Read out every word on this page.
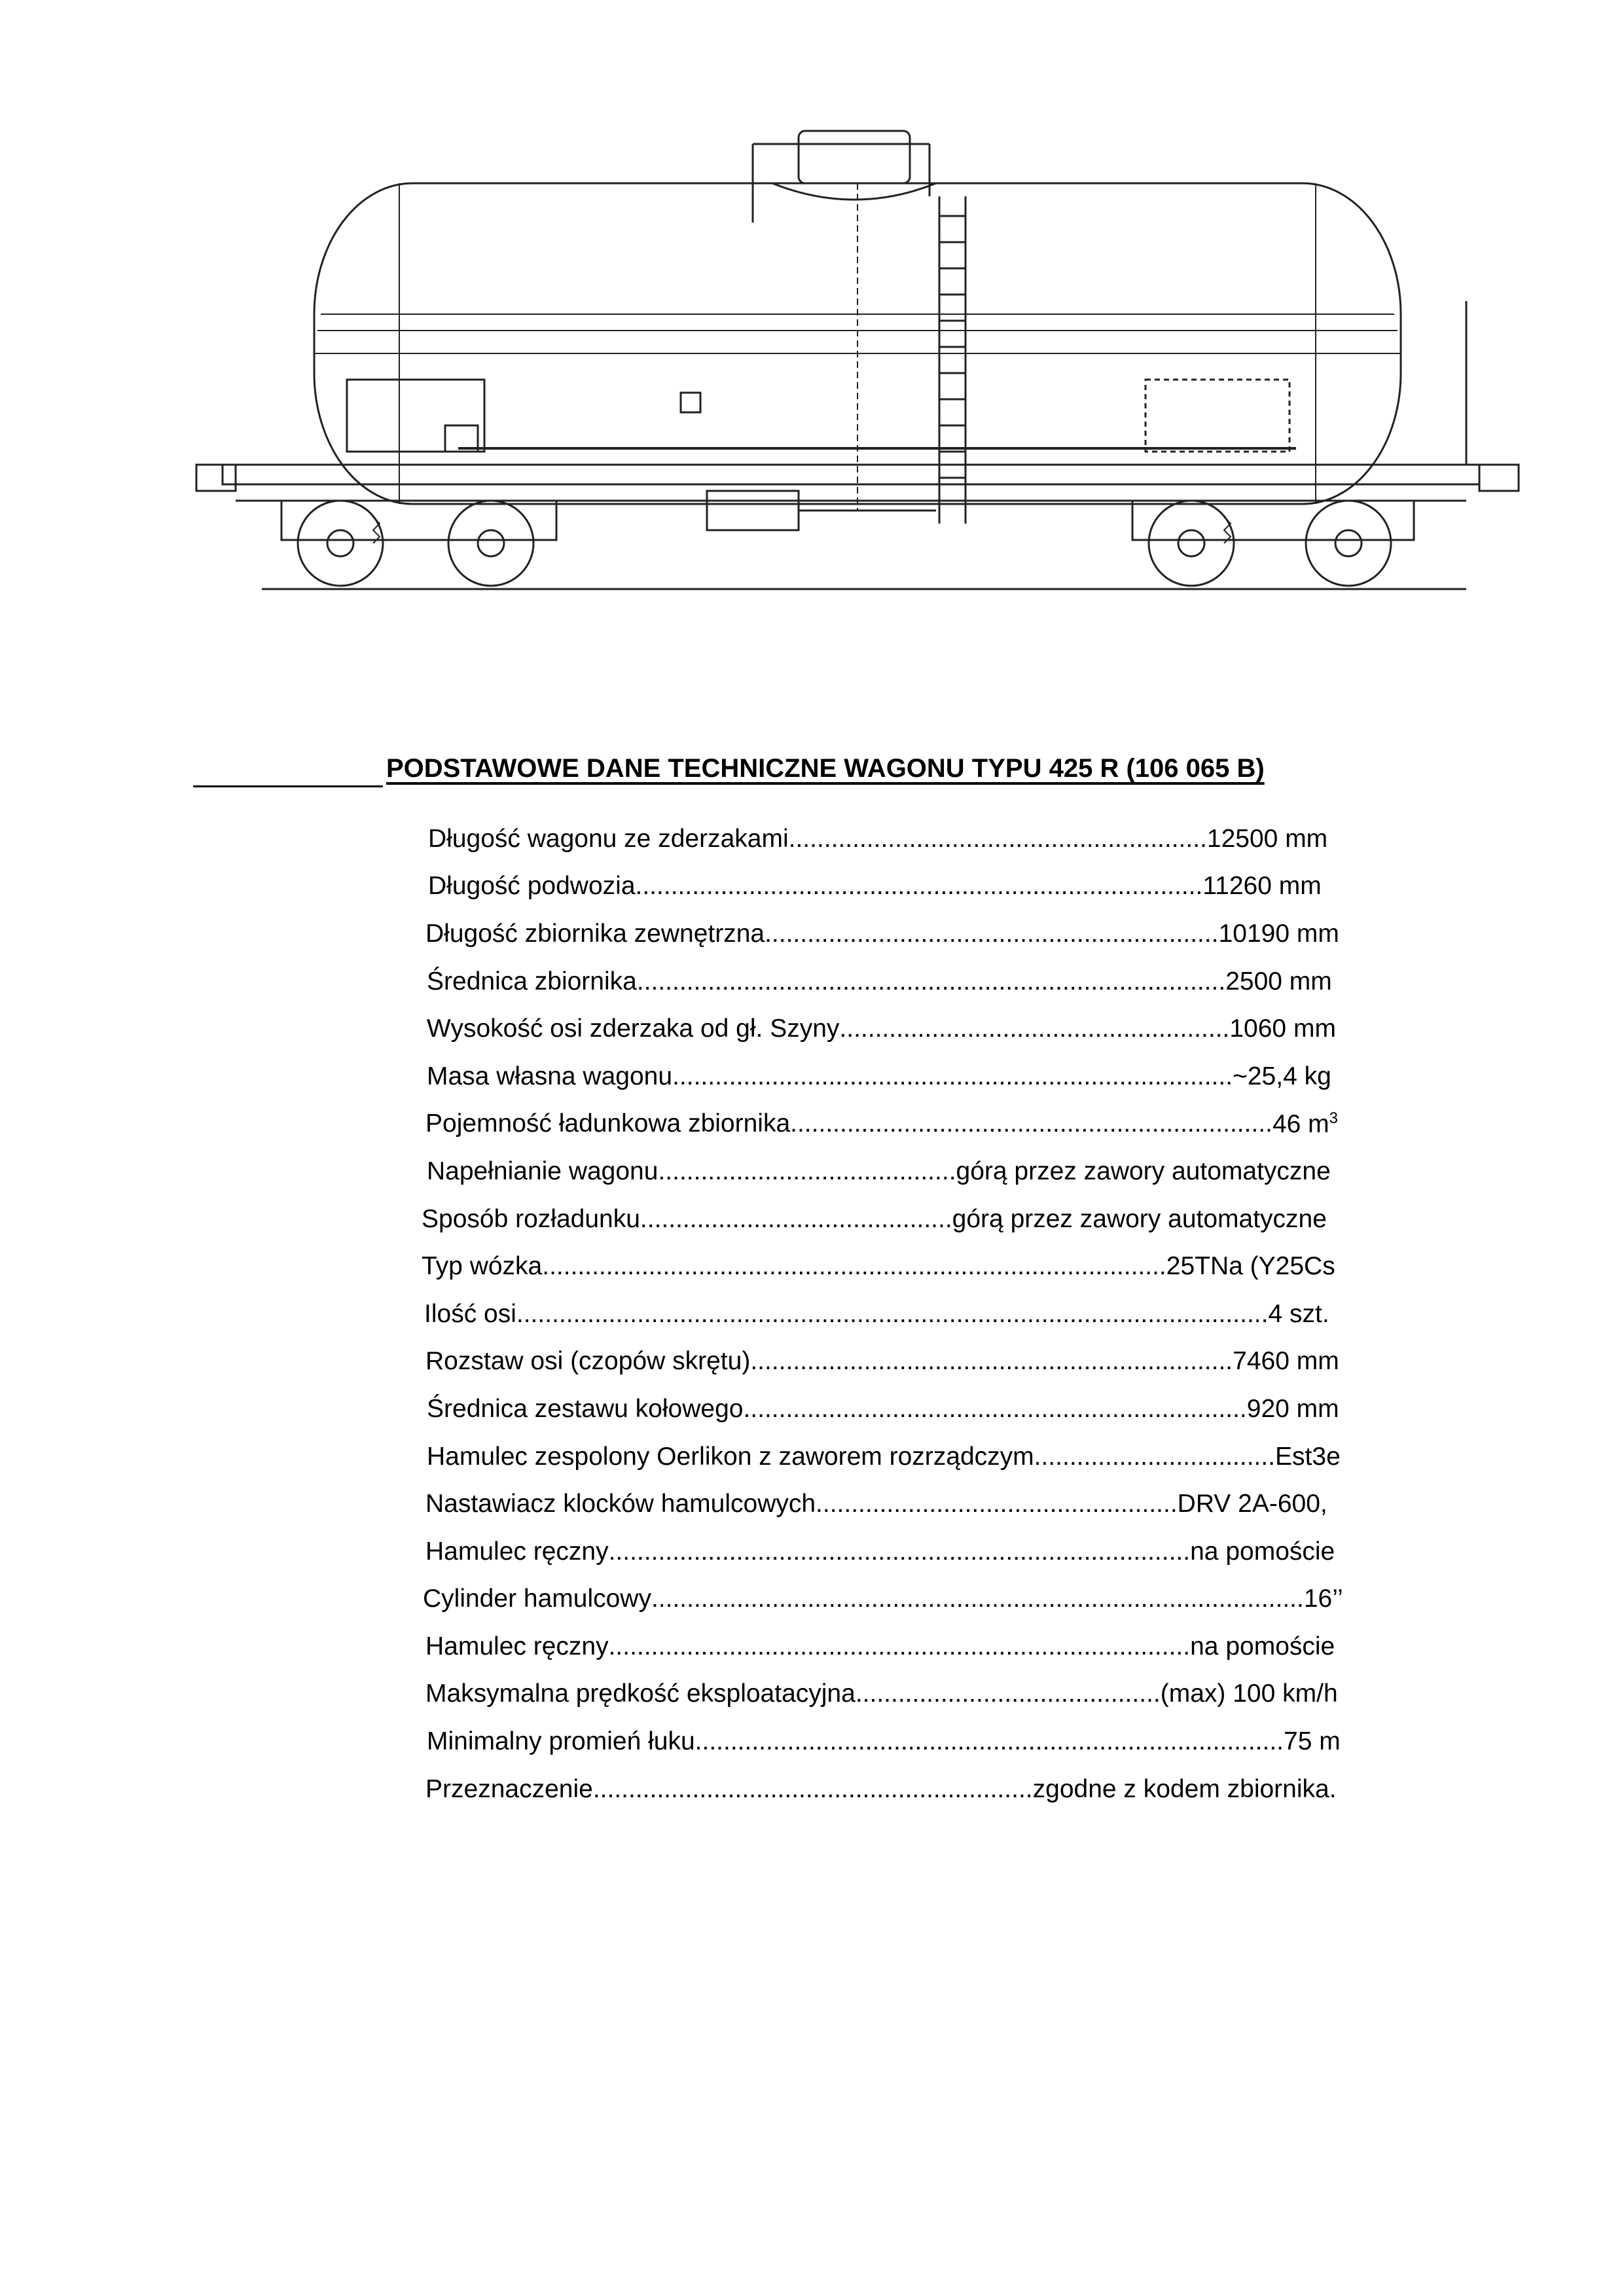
PODSTAWOWE DANE TECHNICZNE WAGONU TYPU 425 R (106 065 B)
Długość wagonu ze zderzakami ........................................................... 12500 mm
Długość podwozia ................................................................................ 11260 mm
Długość zbiornika zewnętrzna ................................................................ 10190 mm
Średnica zbiornika ................................................................................... 2500 mm
Wysokość osi zderzaka od gł. Szyny ....................................................... 1060 mm
Masa własna wagonu ............................................................................... ~25,4 kg
Pojemność ładunkowa zbiornika .................................................................... 46 $m^3$
Napełnianie wagonu .......................................... górą przez zawory automatyczne
Sposób rozładunku ............................................ górą przez zawory automatyczne
Typ wózka ........................................................................................ 25TNa (Y25Cs
Ilość osi .......................................................................................................... 4 szt.
Rozstaw osi (czopów skrętu) .................................................................... 7460 mm
Średnica zestawu kołowego ....................................................................... 920 mm
Hamulec zespolony Oerlikon z zaworem rozrządczym .................................. Est3e
Nastawiacz klocków hamulcowych ................................................... DRV 2A-600,
Hamulec ręczny .................................................................................. na pomoście
Cylinder hamulcowy ............................................................................................ 16’’
Hamulec ręczny .................................................................................. na pomoście
Maksymalna prędkość eksploatacyjna ........................................... (max) 100 km/h
Minimalny promień łuku ................................................................................... 75 m
Przeznaczenie .............................................................. zgodne z kodem zbiornika.
